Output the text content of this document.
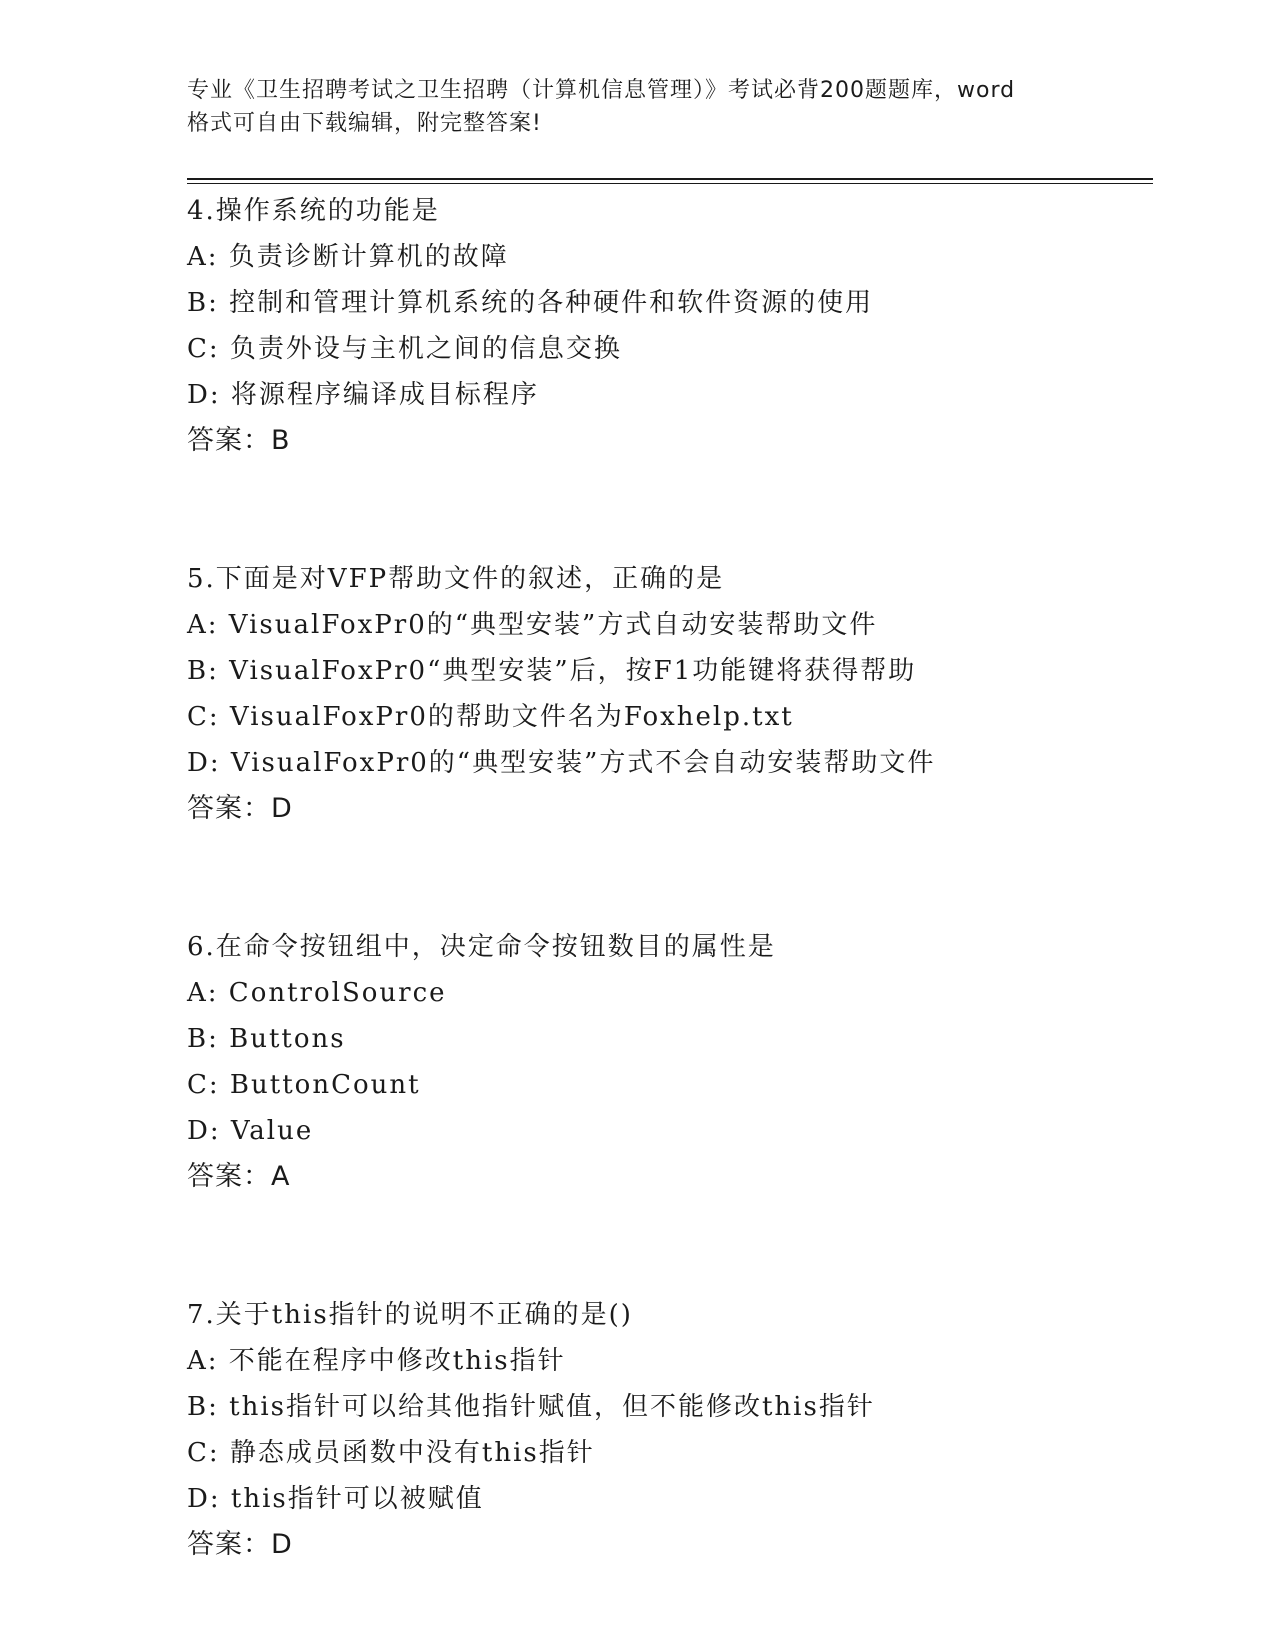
专业《卫生招聘考试之卫生招聘（计算机信息管理）》考试必背200题题库，word
格式可自由下载编辑，附完整答案!
4.操作系统的功能是
A: 负责诊断计算机的故障
B: 控制和管理计算机系统的各种硬件和软件资源的使用
C: 负责外设与主机之间的信息交换
D: 将源程序编译成目标程序
答案：B
5.下面是对VFP帮助文件的叙述，正确的是
A: VisualFoxPr0的“典型安装”方式自动安装帮助文件
B: VisualFoxPr0“典型安装”后，按F1功能键将获得帮助
C: VisualFoxPr0的帮助文件名为Foxhelp.txt
D: VisualFoxPr0的“典型安装”方式不会自动安装帮助文件
答案：D
6.在命令按钮组中，决定命令按钮数目的属性是
A: ControlSource
B: Buttons
C: ButtonCount
D: Value
答案：A
7.关于this指针的说明不正确的是()
A: 不能在程序中修改this指针
B: this指针可以给其他指针赋值，但不能修改this指针
C: 静态成员函数中没有this指针
D: this指针可以被赋值
答案：D
